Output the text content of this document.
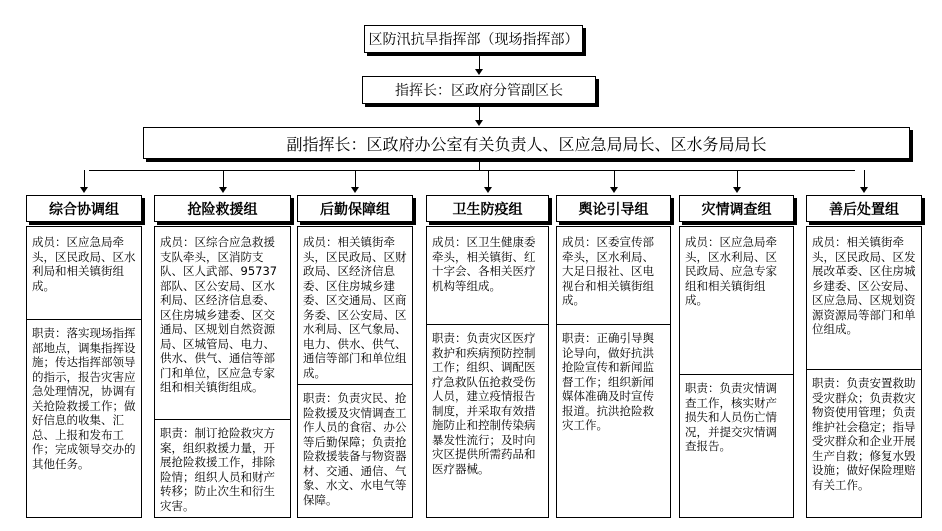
区防汛抗旱指挥部（现场指挥部）
指挥长：区政府分管副区长
副指挥长：区政府办公室有关负责人、区应急局局长、区水务局局长
综合协调组
成员：区应急局牵头，区民政局、区水利局和相关镇街组成。
职责：落实现场指挥部地点，调集指挥设施；传达指挥部领导的指示，报告灾害应急处理情况，协调有关抢险救援工作；做好信息的收集、汇总、上报和发布工作；完成领导交办的其他任务。
抢险救援组
成员：区综合应急救援支队牵头，区消防支队、区人武部、95737部队、区公安局、区水利局、区经济信息委、区住房城乡建委、区交通局、区规划自然资源局、区城管局、电力、供水、供气、通信等部门和单位，区应急专家组和相关镇街组成。
职责：制订抢险救灾方案，组织救援力量，开展抢险救援工作，排除险情；组织人员和财产转移；防止次生和衍生灾害。
后勤保障组
成员：相关镇街牵头，区民政局、区财政局、区经济信息委、区住房城乡建委、区交通局、区商务委、区公安局、区水利局、区气象局、电力、供水、供气、通信等部门和单位组成。
职责：负责灾民、抢险救援及灾情调查工作人员的食宿、办公等后勤保障；负责抢险救援装备与物资器材、交通、通信、气象、水文、水电气等保障。
卫生防疫组
成员：区卫生健康委牵头，相关镇街、红十字会、各相关医疗机构等组成。
职责：负责灾区医疗救护和疾病预防控制工作；组织、调配医疗急救队伍抢救受伤人员，建立疫情报告制度，并采取有效措施防止和控制传染病暴发性流行；及时向灾区提供所需药品和医疗器械。
舆论引导组
成员：区委宣传部牵头，区水利局、大足日报社、区电视台和相关镇街组成。
职责：正确引导舆论导向，做好抗洪抢险宣传和新闻监督工作；组织新闻媒体准确及时宣传报道。抗洪抢险救灾工作。
灾情调查组
成员：区应急局牵头，区水利局、区民政局、应急专家组和相关镇街组成。
职责：负责灾情调查工作，核实财产损失和人员伤亡情况，并提交灾情调查报告。
善后处置组
成员：相关镇街牵头，区民政局、区发展改革委、区住房城乡建委、区公安局、区应急局、区规划资源资源局等部门和单位组成。
职责：负责安置救助受灾群众；负责救灾物资使用管理；负责维护社会稳定；指导受灾群众和企业开展生产自救；修复水毁设施；做好保险理赔有关工作。
